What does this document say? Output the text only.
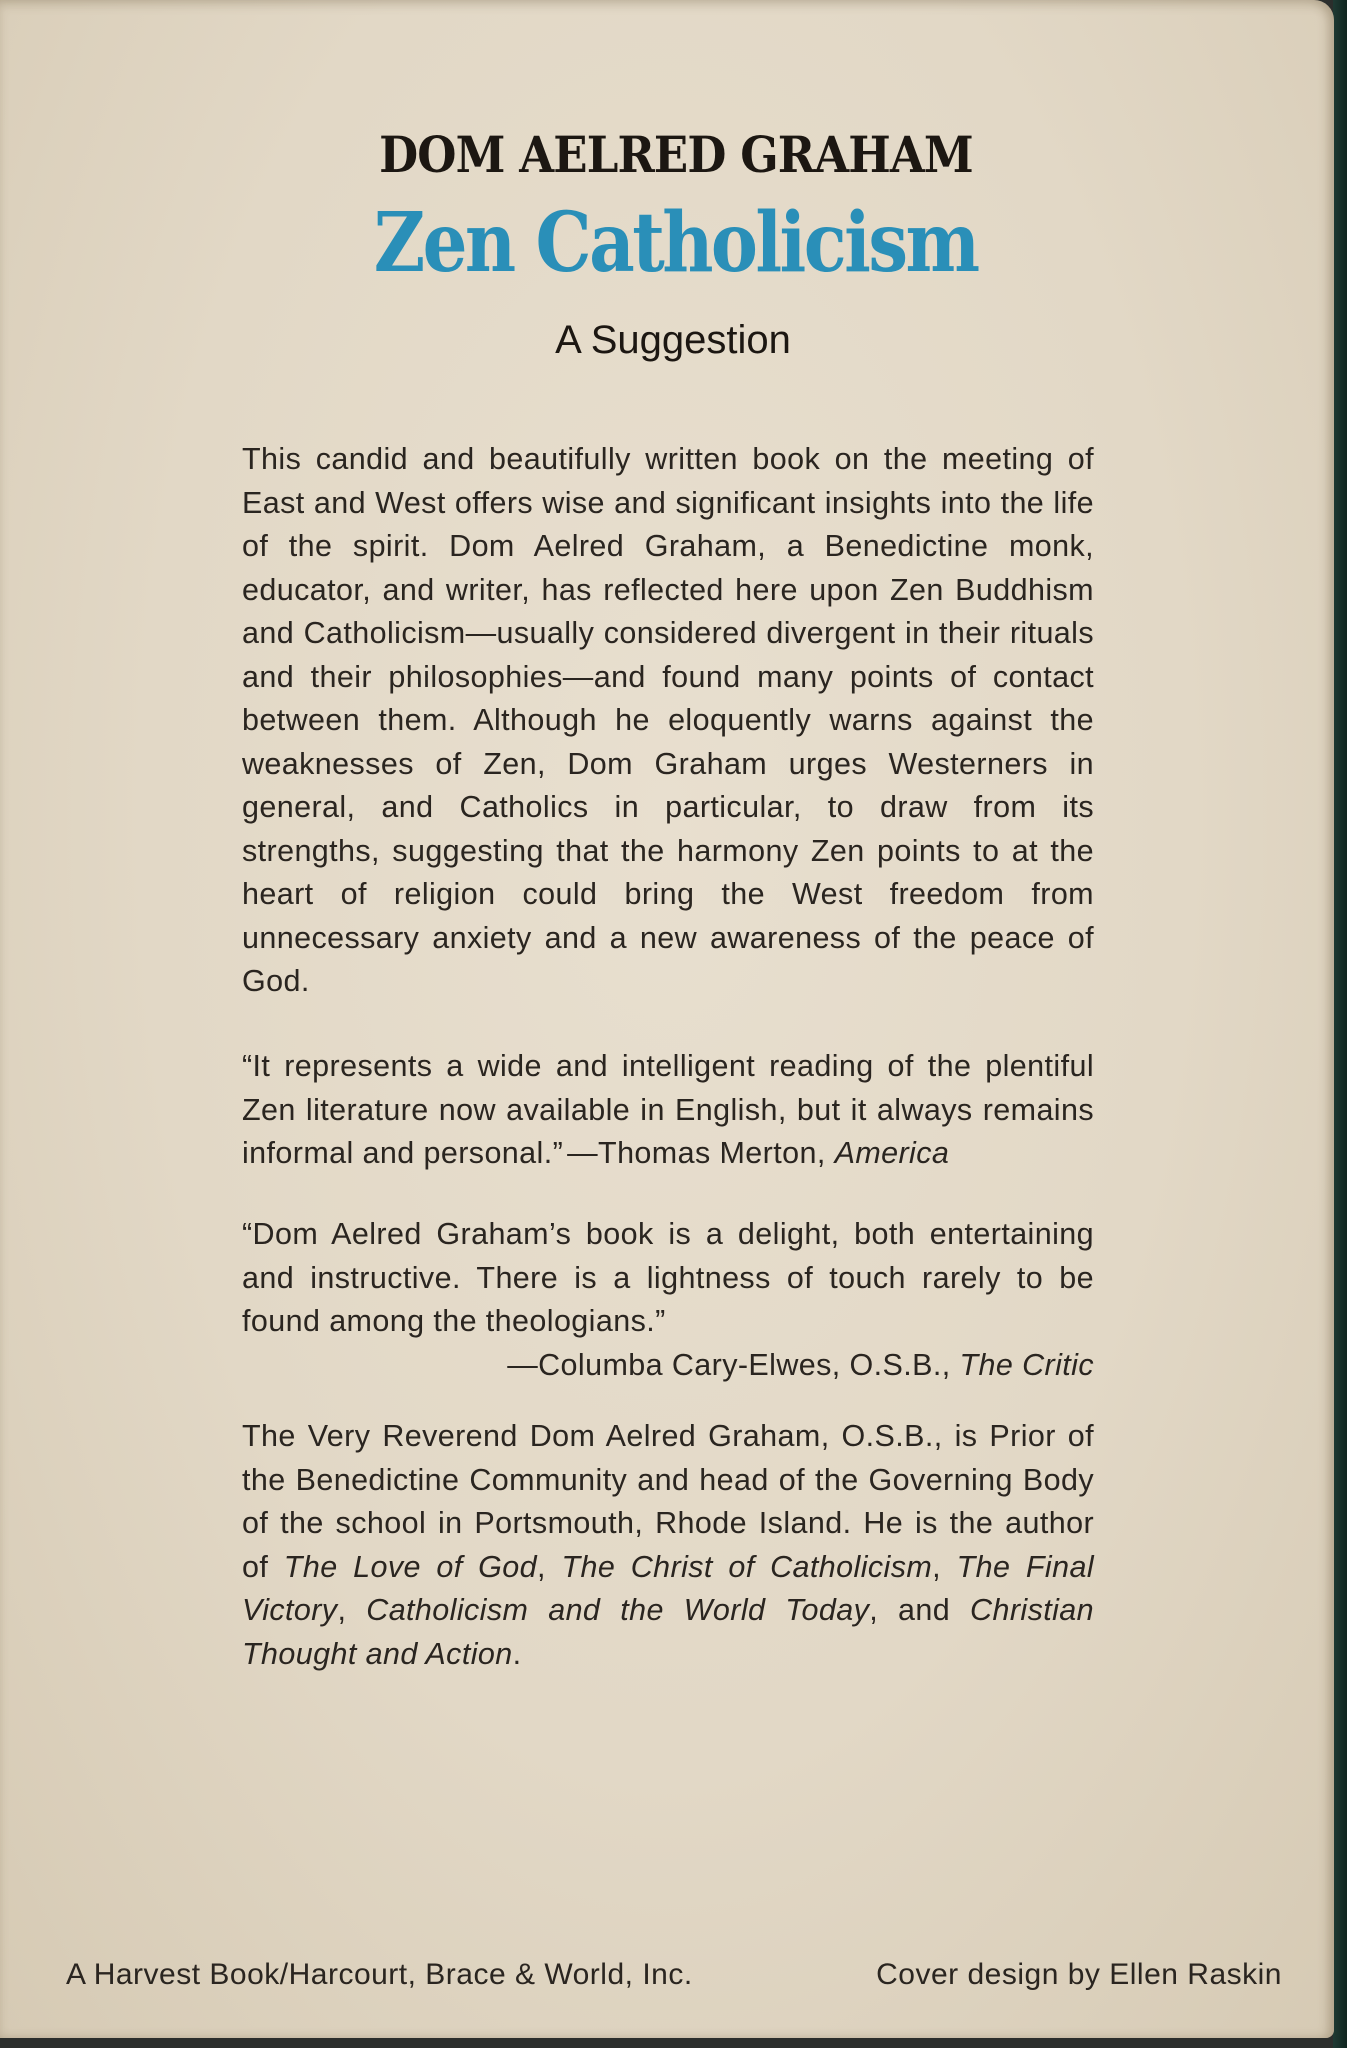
DOM AELRED GRAHAM
Zen Catholicism
A Suggestion

This candid and beautifully written book on the meeting of East and West offers wise and significant insights into the life of the spirit. Dom Aelred Graham, a Benedictine monk, educator, and writer, has reflected here upon Zen Buddhism and Catholicism—usually considered divergent in their rituals and their philosophies—and found many points of contact between them. Although he eloquently warns against the weaknesses of Zen, Dom Graham urges Westerners in general, and Catholics in particular, to draw from its strengths, suggesting that the harmony Zen points to at the heart of religion could bring the West freedom from unnecessary anxiety and a new awareness of the peace of God.

“It represents a wide and intelligent reading of the plentiful Zen literature now available in English, but it always remains informal and personal.” —Thomas Merton, America

“Dom Aelred Graham’s book is a delight, both entertaining and instructive. There is a lightness of touch rarely to be found among the theologians.”
—Columba Cary-Elwes, O.S.B., The Critic

The Very Reverend Dom Aelred Graham, O.S.B., is Prior of the Benedictine Community and head of the Governing Body of the school in Portsmouth, Rhode Island. He is the author of The Love of God, The Christ of Catholicism, The Final Victory, Catholicism and the World Today, and Christian Thought and Action.

A Harvest Book/Harcourt, Brace & World, Inc.	Cover design by Ellen Raskin
